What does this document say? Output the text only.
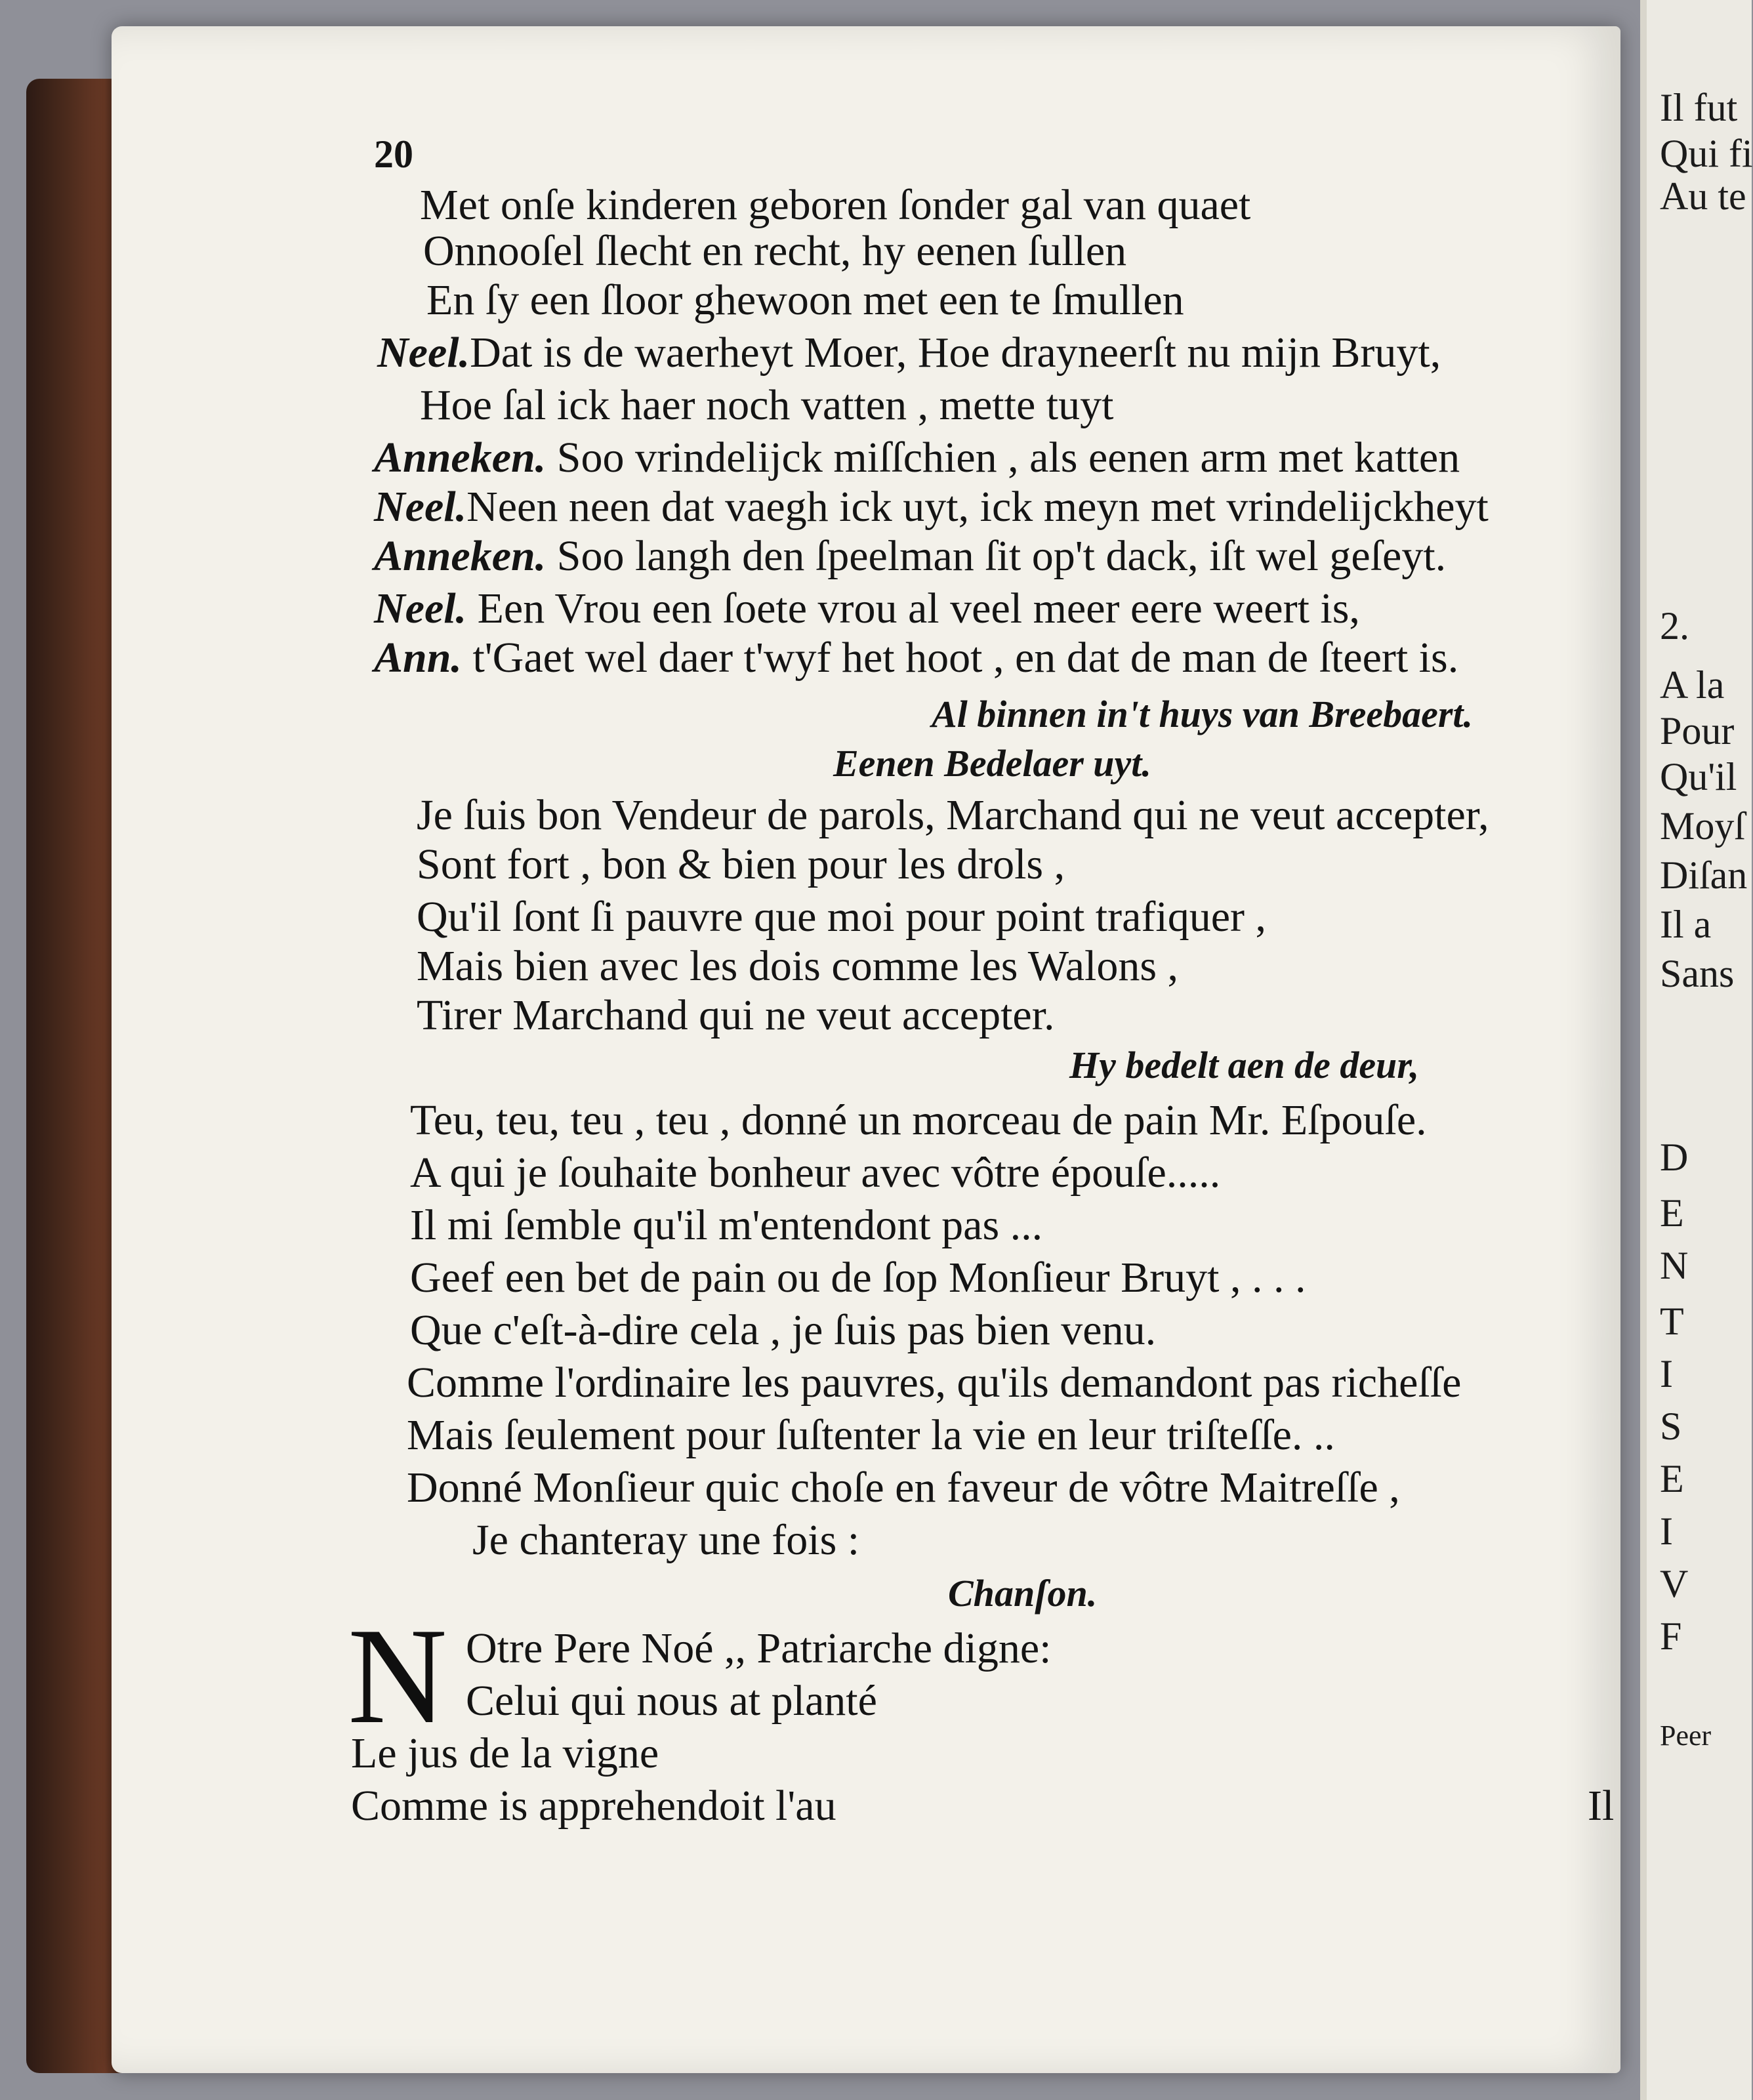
Il fut
Qui fi
Au te
2.
A la
Pour
Qu'il
Moyſ
Diſan
Il a
Sans
D
E
N
T
I
S
E
I
V
F
Peer
20
Met onſe kinderen geboren ſonder gal van quaet
Onnooſel ſlecht en recht, hy eenen ſullen
En ſy een ſloor ghewoon met een te ſmullen
Neel.Dat is de waerheyt Moer, Hoe drayneerſt nu mijn Bruyt,
Hoe ſal ick haer noch vatten , mette tuyt
Anneken. Soo vrindelijck miſſchien , als eenen arm met katten
Neel.Neen neen dat vaegh ick uyt, ick meyn met vrindelijckheyt
Anneken. Soo langh den ſpeelman ſit op't dack, iſt wel geſeyt.
Neel. Een Vrou een ſoete vrou al veel meer eere weert is,
Ann. t'Gaet wel daer t'wyf het hoot , en dat de man de ſteert is.
Al binnen in't huys van Breebaert.
Eenen Bedelaer uyt.
Je ſuis bon Vendeur de parols, Marchand qui ne veut accepter,
Sont fort , bon & bien pour les drols ,
Qu'il ſont ſi pauvre que moi pour point trafiquer ,
Mais bien avec les dois comme les Walons ,
Tirer Marchand qui ne veut accepter.
Hy bedelt aen de deur,
Teu, teu, teu , teu , donné un morceau de pain Mr. Eſpouſe.
A qui je ſouhaite bonheur avec vôtre épouſe.....
Il mi ſemble qu'il m'entendont pas ...
Geef een bet de pain ou de ſop Monſieur Bruyt , . . .
Que c'eſt-à-dire cela , je ſuis pas bien venu.
Comme l'ordinaire les pauvres, qu'ils demandont pas richeſſe
Mais ſeulement pour ſuſtenter la vie en leur triſteſſe. ..
Donné Monſieur quic choſe en faveur de vôtre Maitreſſe ,
Je chanteray une fois :
Chanſon.
N Otre Pere Noé ,, Patriarche digne:
Celui qui nous at planté
Le jus de la vigne
Comme is apprehendoit l'au	Il
